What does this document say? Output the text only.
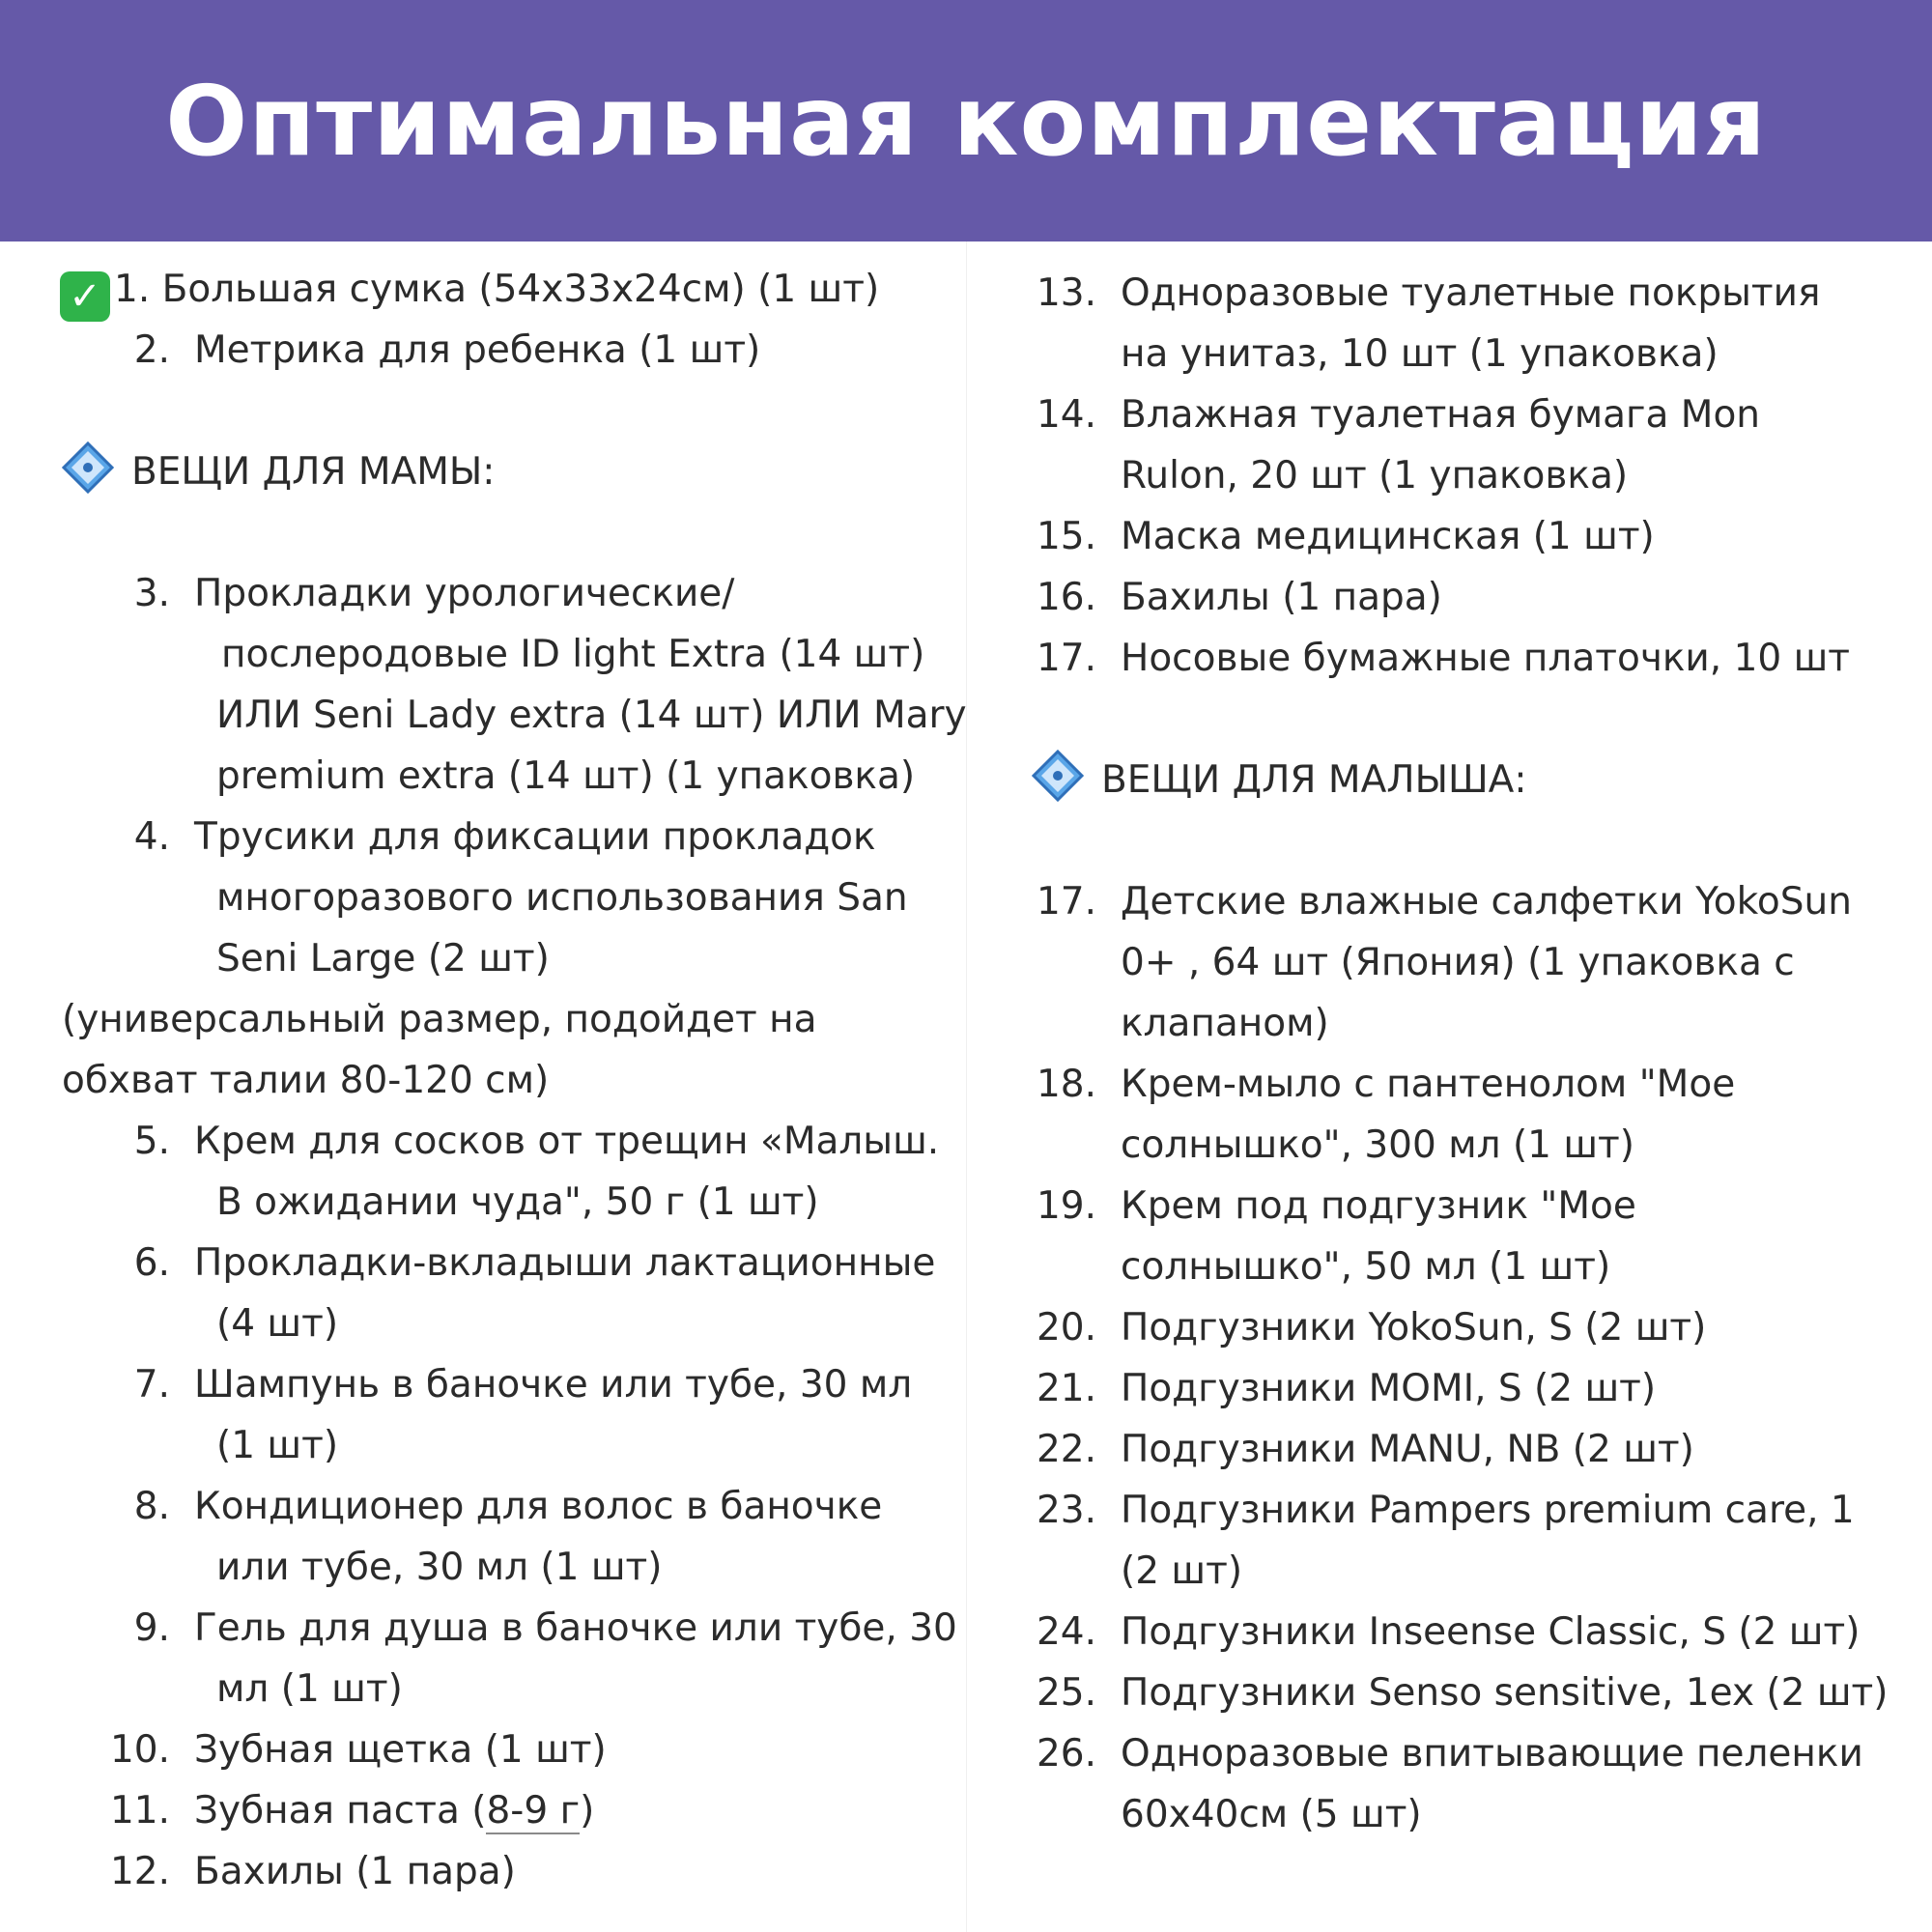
Оптимальная комплектация
✓ 1. Большая сумка (54x33x24см) (1 шт)
2. Метрика для ребенка (1 шт)
ВЕЩИ ДЛЯ МАМЫ:
3. Прокладки урологические/
послеродовые ID light Extra (14 шт)
ИЛИ Seni Lady extra (14 шт) ИЛИ Mary
premium extra (14 шт) (1 упаковка)
4. Трусики для фиксации прокладок
многоразового использования San
Seni Large (2 шт)
(универсальный размер, подойдет на
обхват талии 80-120 см)
5. Крем для сосков от трещин «Малыш.
В ожидании чуда", 50 г (1 шт)
6. Прокладки-вкладыши лактационные
(4 шт)
7. Шампунь в баночке или тубе, 30 мл
(1 шт)
8. Кондиционер для волос в баночке
или тубе, 30 мл (1 шт)
9. Гель для душа в баночке или тубе, 30
мл (1 шт)
10. Зубная щетка (1 шт)
11. Зубная паста (8-9 г)
12. Бахилы (1 пара)
13. Одноразовые туалетные покрытия
на унитаз, 10 шт (1 упаковка)
14. Влажная туалетная бумага Mon
Rulon, 20 шт (1 упаковка)
15. Маска медицинская (1 шт)
16. Бахилы (1 пара)
17. Носовые бумажные платочки, 10 шт
ВЕЩИ ДЛЯ МАЛЫША:
17. Детские влажные салфетки YokoSun
0+ , 64 шт (Япония) (1 упаковка с
клапаном)
18. Крем-мыло с пантенолом "Мое
солнышко", 300 мл (1 шт)
19. Крем под подгузник "Мое
солнышко", 50 мл (1 шт)
20. Подгузники YokoSun, S (2 шт)
21. Подгузники MOMI, S (2 шт)
22. Подгузники MANU, NB (2 шт)
23. Подгузники Pampers premium care, 1
(2 шт)
24. Подгузники Inseense Classic, S (2 шт)
25. Подгузники Senso sensitive, 1ex (2 шт)
26. Одноразовые впитывающие пеленки
60x40см (5 шт)
